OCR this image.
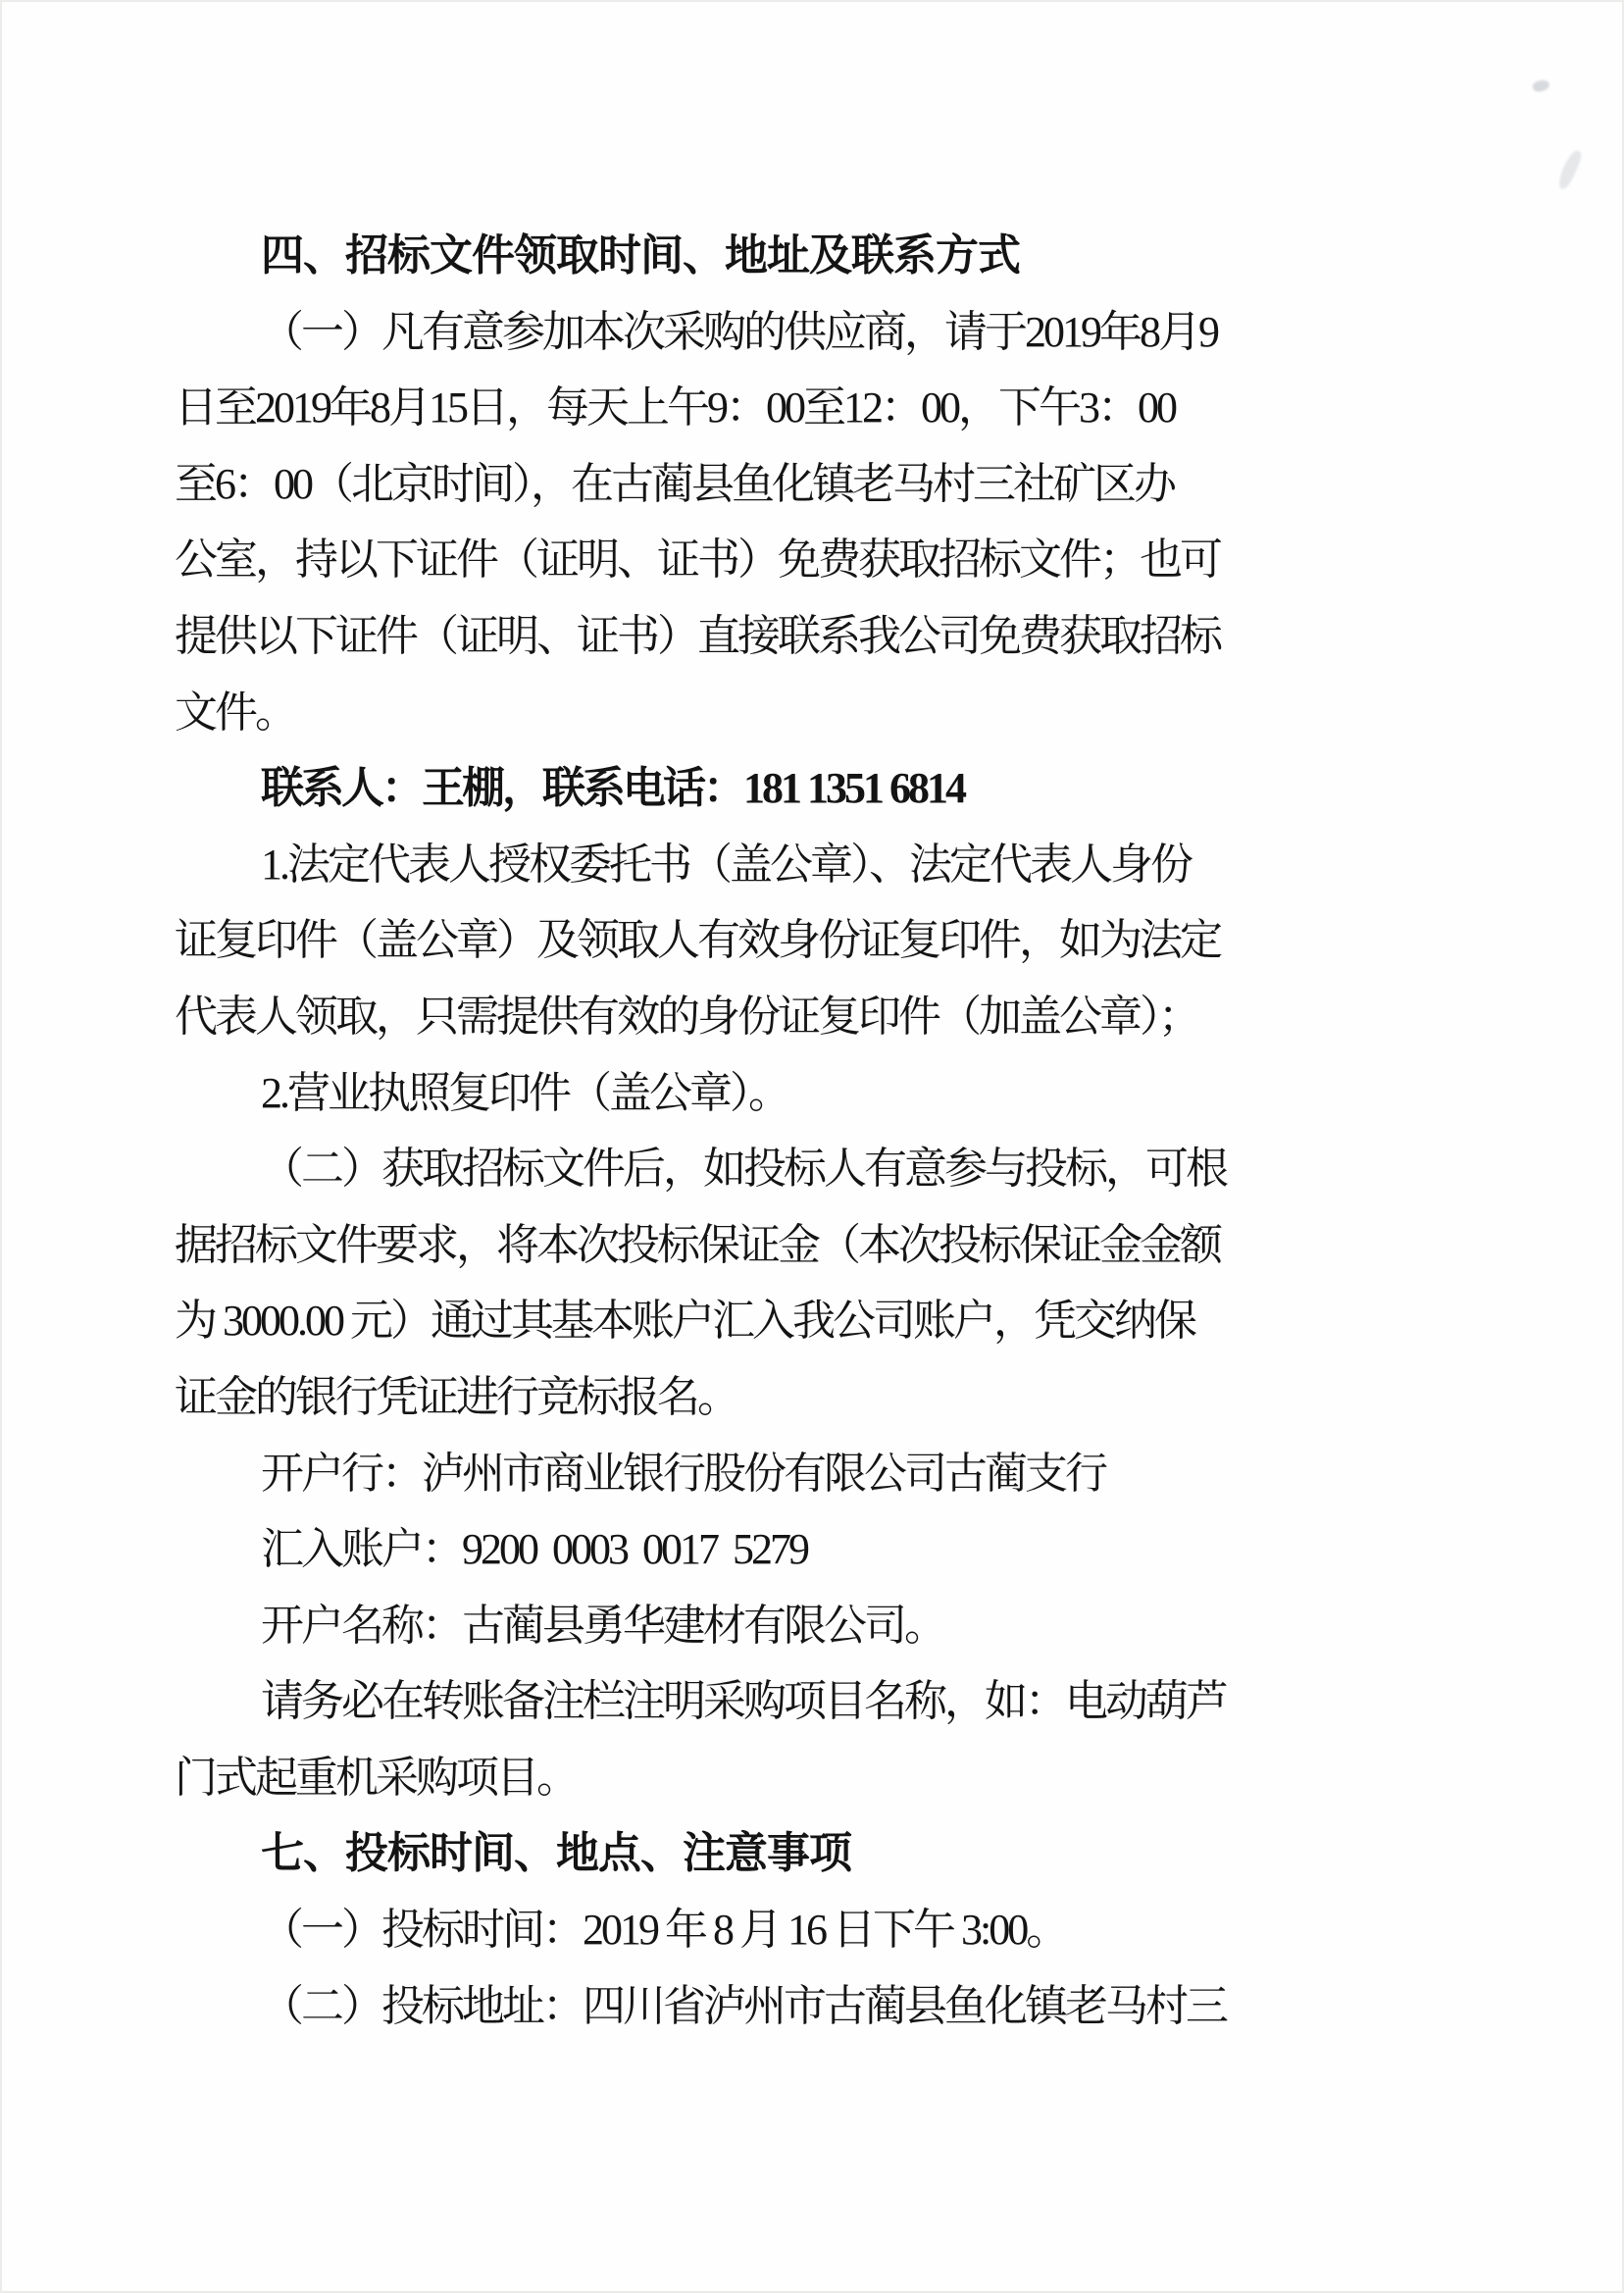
四、招标文件领取时间、地址及联系方式
（一）凡有意参加本次采购的供应商，请于2019年8月9
日至2019年8月15日，每天上午9：00至12：00，下午3：00
至6：00（北京时间），在古蔺县鱼化镇老马村三社矿区办
公室，持以下证件（证明、证书）免费获取招标文件；也可
提供以下证件（证明、证书）直接联系我公司免费获取招标
文件。
联系人：王棚，联系电话：181 1351 6814
1.法定代表人授权委托书（盖公章）、法定代表人身份
证复印件（盖公章）及领取人有效身份证复印件，如为法定
代表人领取，只需提供有效的身份证复印件（加盖公章）；
2.营业执照复印件（盖公章）。
（二）获取招标文件后，如投标人有意参与投标，可根
据招标文件要求，将本次投标保证金（本次投标保证金金额
为 3000.00 元）通过其基本账户汇入我公司账户，凭交纳保
证金的银行凭证进行竞标报名。
开户行：泸州市商业银行股份有限公司古蔺支行
汇入账户：9200  0003  0017  5279
开户名称：古蔺县勇华建材有限公司。
请务必在转账备注栏注明采购项目名称，如：电动葫芦
门式起重机采购项目。
七、投标时间、地点、注意事项
（一）投标时间：2019 年 8 月 16 日下午 3:00。
（二）投标地址：四川省泸州市古蔺县鱼化镇老马村三
